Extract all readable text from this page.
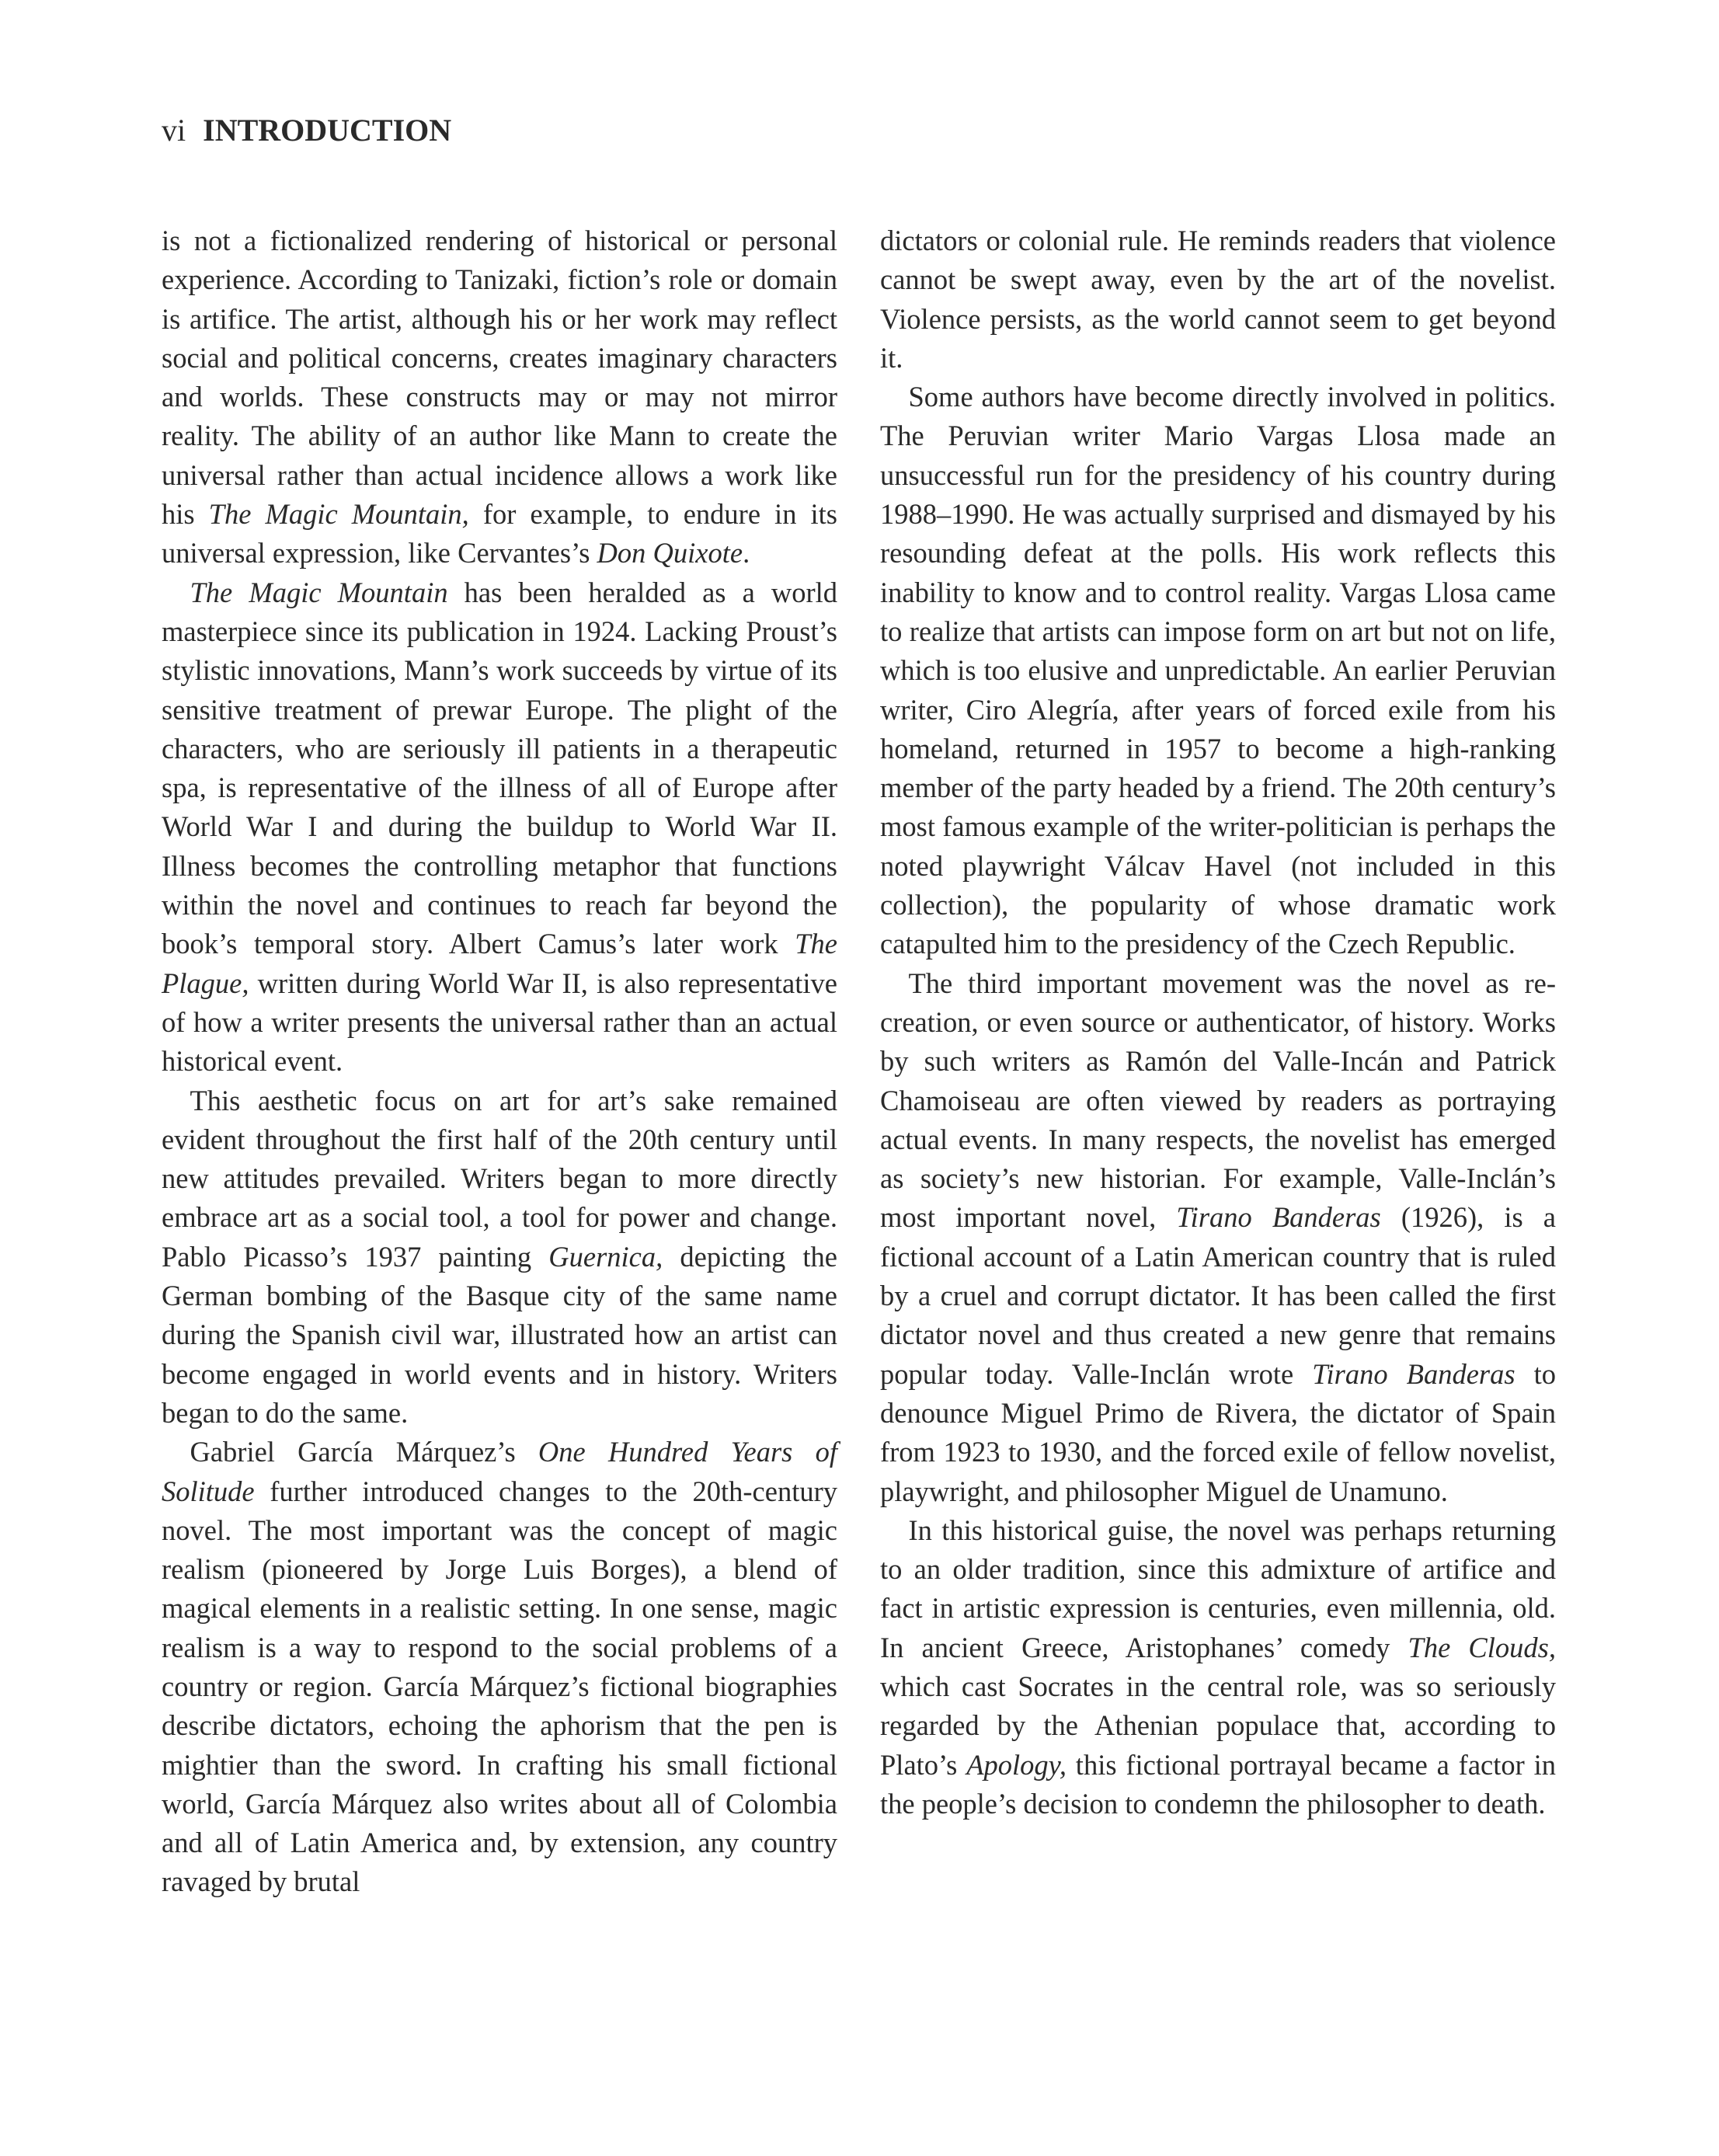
vi INTRODUCTION

is not a fictionalized rendering of historical or personal experience. According to Tanizaki, fiction’s role or domain is artifice. The artist, although his or her work may reflect social and political concerns, creates imaginary characters and worlds. These constructs may or may not mirror reality. The ability of an author like Mann to create the universal rather than actual incidence allows a work like his The Magic Mountain, for example, to endure in its universal expression, like Cervantes’s Don Quixote.

The Magic Mountain has been heralded as a world masterpiece since its publication in 1924. Lacking Proust’s stylistic innovations, Mann’s work succeeds by virtue of its sensitive treatment of prewar Europe. The plight of the characters, who are seriously ill patients in a therapeutic spa, is representative of the illness of all of Europe after World War I and during the buildup to World War II. Illness becomes the controlling metaphor that functions within the novel and continues to reach far beyond the book’s temporal story. Albert Camus’s later work The Plague, written during World War II, is also representative of how a writer presents the universal rather than an actual historical event.

This aesthetic focus on art for art’s sake remained evident throughout the first half of the 20th century until new attitudes prevailed. Writers began to more directly embrace art as a social tool, a tool for power and change. Pablo Picasso’s 1937 painting Guernica, depicting the German bombing of the Basque city of the same name during the Spanish civil war, illustrated how an artist can become engaged in world events and in history. Writers began to do the same.

Gabriel García Márquez’s One Hundred Years of Solitude further introduced changes to the 20th-century novel. The most important was the concept of magic realism (pioneered by Jorge Luis Borges), a blend of magical elements in a realistic setting. In one sense, magic realism is a way to respond to the social problems of a country or region. García Márquez’s fictional biographies describe dictators, echoing the aphorism that the pen is mightier than the sword. In crafting his small fictional world, García Márquez also writes about all of Colombia and all of Latin America and, by extension, any country ravaged by brutal

dictators or colonial rule. He reminds readers that violence cannot be swept away, even by the art of the novelist. Violence persists, as the world cannot seem to get beyond it.

Some authors have become directly involved in politics. The Peruvian writer Mario Vargas Llosa made an unsuccessful run for the presidency of his country during 1988–1990. He was actually surprised and dismayed by his resounding defeat at the polls. His work reflects this inability to know and to control reality. Vargas Llosa came to realize that artists can impose form on art but not on life, which is too elusive and unpredictable. An earlier Peruvian writer, Ciro Alegría, after years of forced exile from his homeland, returned in 1957 to become a high-ranking member of the party headed by a friend. The 20th century’s most famous example of the writer-politician is perhaps the noted playwright Válcav Havel (not included in this collection), the popularity of whose dramatic work catapulted him to the presidency of the Czech Republic.

The third important movement was the novel as re-creation, or even source or authenticator, of history. Works by such writers as Ramón del Valle-Incán and Patrick Chamoiseau are often viewed by readers as portraying actual events. In many respects, the novelist has emerged as society’s new historian. For example, Valle-Inclán’s most important novel, Tirano Banderas (1926), is a fictional account of a Latin American country that is ruled by a cruel and corrupt dictator. It has been called the first dictator novel and thus created a new genre that remains popular today. Valle-Inclán wrote Tirano Banderas to denounce Miguel Primo de Rivera, the dictator of Spain from 1923 to 1930, and the forced exile of fellow novelist, playwright, and philosopher Miguel de Unamuno.

In this historical guise, the novel was perhaps returning to an older tradition, since this admixture of artifice and fact in artistic expression is centuries, even millennia, old. In ancient Greece, Aristophanes’ comedy The Clouds, which cast Socrates in the central role, was so seriously regarded by the Athenian populace that, according to Plato’s Apology, this fictional portrayal became a factor in the people’s decision to condemn the philosopher to death.
